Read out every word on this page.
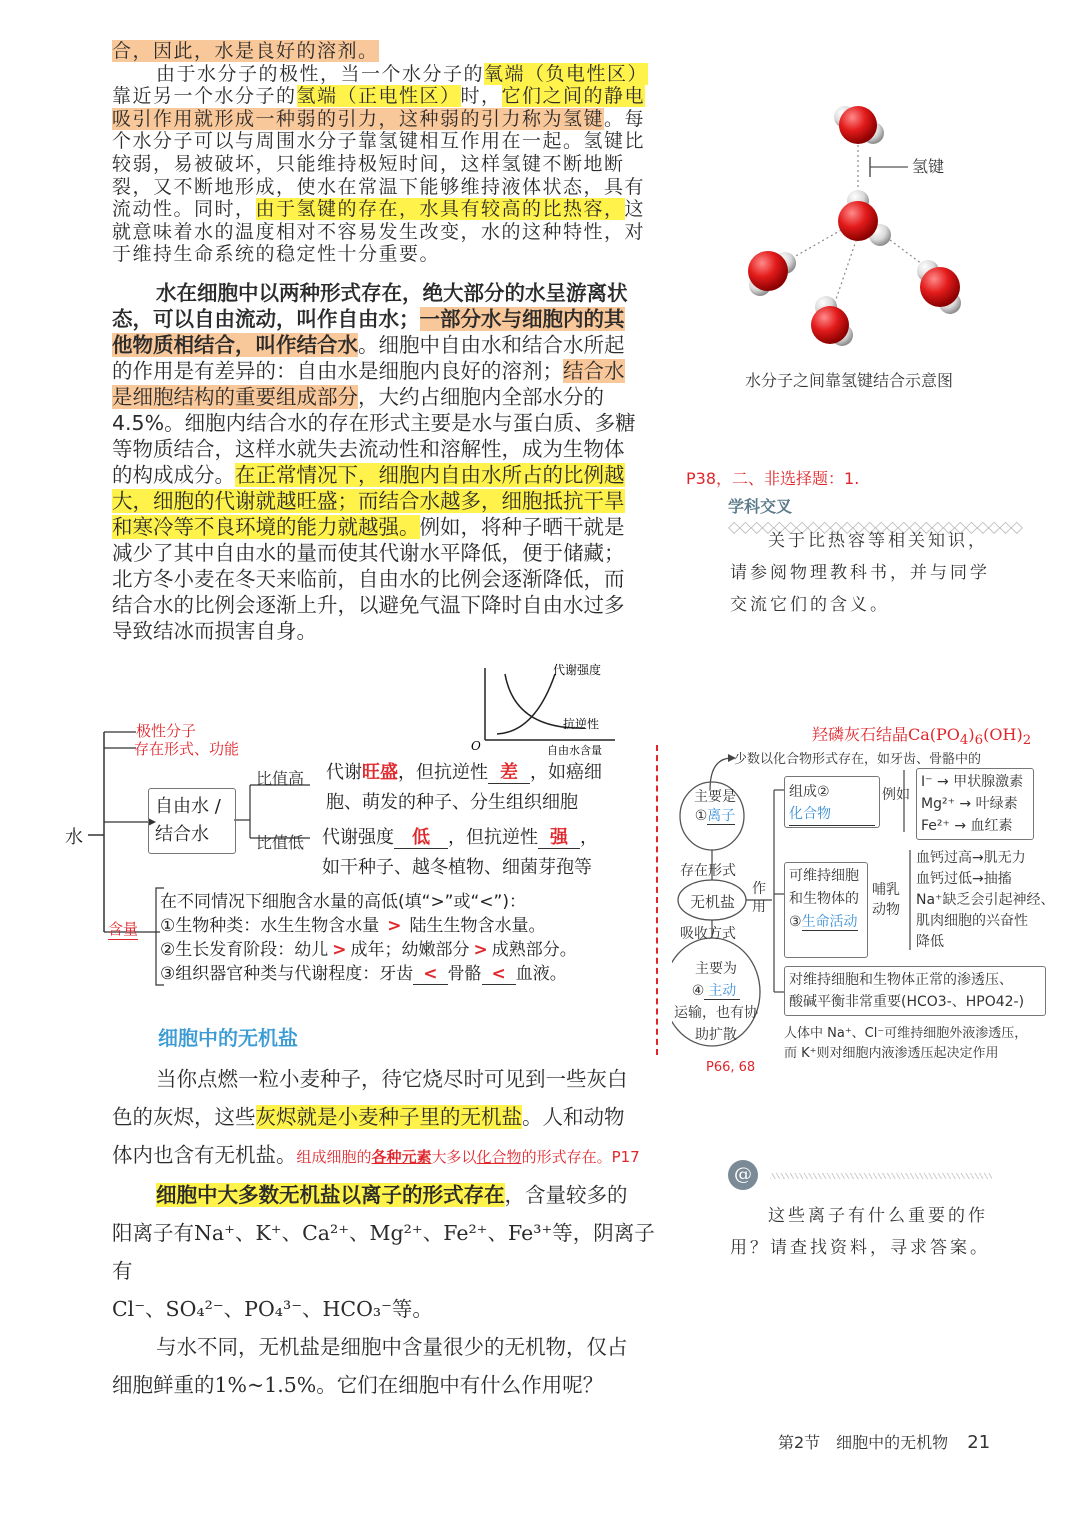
合，因此，水是良好的溶剂。
由于水分子的极性，当一个水分子的氧端（负电性区）
靠近另一个水分子的氢端（正电性区）时，它们之间的静电
吸引作用就形成一种弱的引力，这种弱的引力称为氢键。每
个水分子可以与周围水分子靠氢键相互作用在一起。氢键比
较弱，易被破坏，只能维持极短时间，这样氢键不断地断
裂，又不断地形成，使水在常温下能够维持液体状态，具有
流动性。同时，由于氢键的存在，水具有较高的比热容，这
就意味着水的温度相对不容易发生改变，水的这种特性，对
于维持生命系统的稳定性十分重要。
水在细胞中以两种形式存在，绝大部分的水呈游离状
态，可以自由流动，叫作自由水；一部分水与细胞内的其
他物质相结合，叫作结合水。细胞中自由水和结合水所起
的作用是有差异的：自由水是细胞内良好的溶剂；结合水
是细胞结构的重要组成部分，大约占细胞内全部水分的
4.5%。细胞内结合水的存在形式主要是水与蛋白质、多糖
等物质结合，这样水就失去流动性和溶解性，成为生物体
的构成成分。在正常情况下，细胞内自由水所占的比例越
大，细胞的代谢就越旺盛；而结合水越多，细胞抵抗干旱
和寒冷等不良环境的能力就越强。例如，将种子晒干就是
减少了其中自由水的量而使其代谢水平降低，便于储藏；
北方冬小麦在冬天来临前，自由水的比例会逐渐降低，而
结合水的比例会逐渐上升，以避免气温下降时自由水过多
导致结冰而损害自身。
氢键
水分子之间靠氢键结合示意图
P38，二、非选择题：1.
学科交叉 ◇◇◇◇◇◇◇◇◇◇◇◇◇◇◇◇◇◇◇◇◇◇◇◇◇◇
关于比热容等相关知识，
请参阅物理教科书，并与同学
交流它们的含义。
代谢强度
抗逆性
自由水含量
O
水
极性分子
存在形式、功能
自由水 /
结合水
比值高 代谢旺盛，但抗逆性 差 ，如癌细
胞、萌发的种子、分生组织细胞
比值低 代谢强度 低 ，但抗逆性 强 ，
如干种子、越冬植物、细菌芽孢等
含量
在不同情况下细胞含水量的高低(填“>”或“<”)：
①生物种类：水生生物含水量 > 陆生生物含水量。
②生长发育阶段：幼儿 > 成年；幼嫩部分 > 成熟部分。
③组织器官种类与代谢程度：牙齿 < 骨骼 < 血液。
羟磷灰石结晶$Ca(PO_4)_6(OH)_2$
少数以化合物形式存在，如牙齿、骨骼中的
主要是
①离子
存在形式
无机盐
吸收方式
主要为
④ 主动
运输，也有协
助扩散
作用
组成②
化合物
例如
I⁻ → 甲状腺激素
Mg²⁺ → 叶绿素
Fe²⁺ → 血红素
可维持细胞
和生物体的
③生命活动
哺乳
动物
血钙过高→肌无力
血钙过低→抽搐
Na⁺缺乏会引起神经、
肌肉细胞的兴奋性
降低
对维持细胞和生物体正常的渗透压、
酸碱平衡非常重要(HCO3-、HPO42-)
人体中 Na⁺、Cl⁻可维持细胞外液渗透压，
而 K⁺则对细胞内液渗透压起决定作用
P66, 68
细胞中的无机盐
当你点燃一粒小麦种子，待它烧尽时可见到一些灰白
色的灰烬，这些灰烬就是小麦种子里的无机盐。人和动物
体内也含有无机盐。组成细胞的各种元素大多以化合物的形式存在。P17
细胞中大多数无机盐以离子的形式存在，含量较多的
阳离子有Na⁺、K⁺、Ca²⁺、Mg²⁺、Fe²⁺、Fe³⁺等，阴离子有
Cl⁻、SO₄²⁻、PO₄³⁻、HCO₃⁻等。
与水不同，无机盐是细胞中含量很少的无机物，仅占
细胞鲜重的1%~1.5%。它们在细胞中有什么作用呢？
@
这些离子有什么重要的作
用？请查找资料，寻求答案。
第2节　细胞中的无机物 21
